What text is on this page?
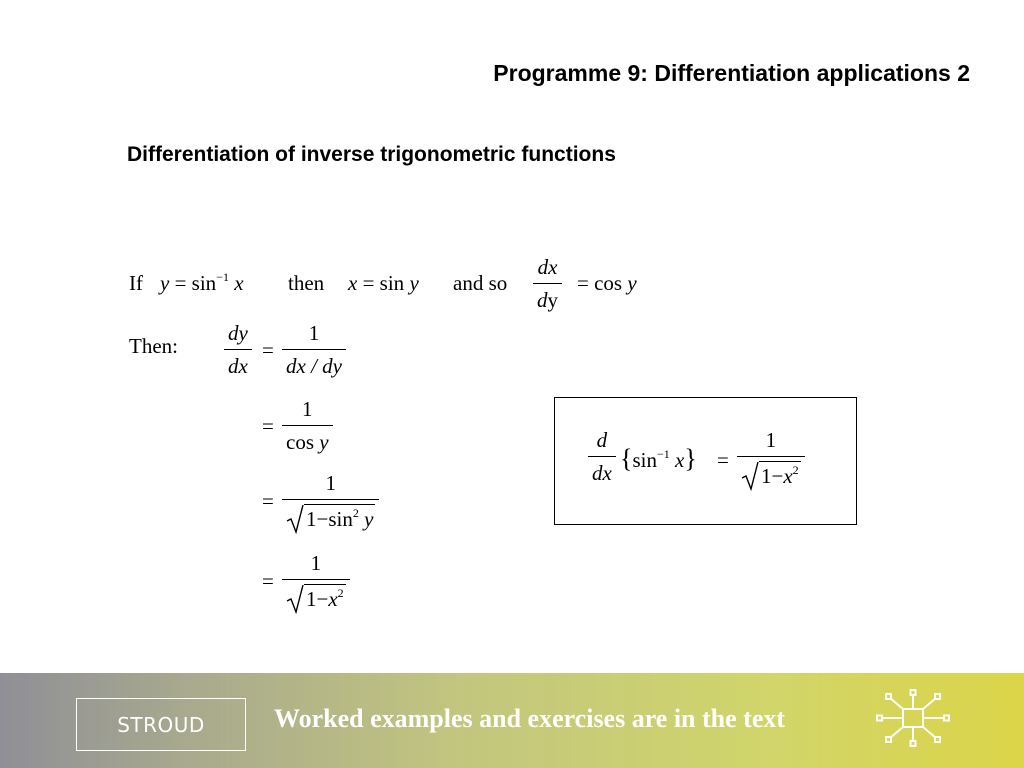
Programme 9: Differentiation applications 2
Differentiation of inverse trigonometric functions
If $y = \sin^{-1} x$ then x = sin y and so
dx
dy
= cos y
Then:
dy
dx
=
1
dx / dy
=
1
cos y
=
1
$1-\sin^2$ y
=
1
$1-x^2$
d
dx
{$\sin^{-1}$ x} =
1
$1-x^2$
STROUD	Worked examples and exercises are in the text
